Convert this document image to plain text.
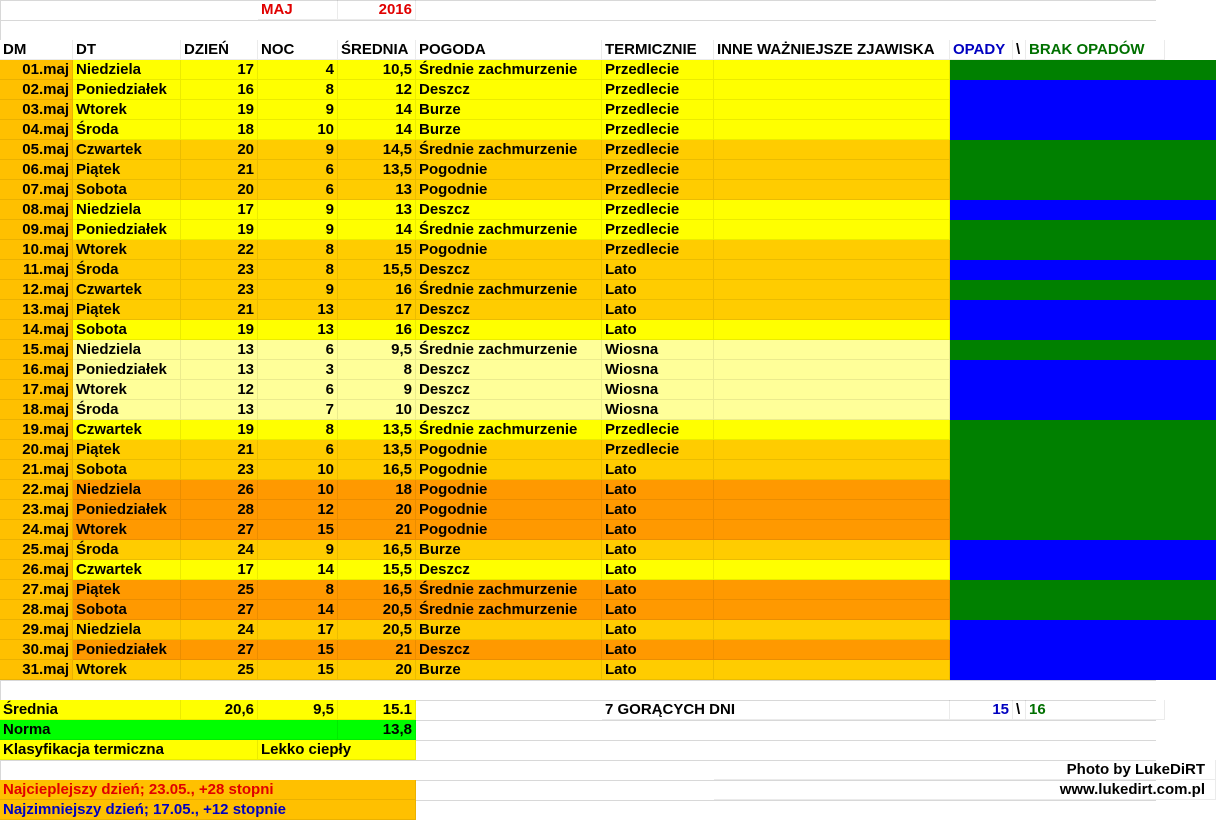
MAJ	2016
DM	DT	DZIEŃ	NOC	ŚREDNIA POGODA	TERMICZNIE	INNE WAŻNIEJSZE ZJAWISKA	OPADY \ BRAK OPADÓW
01.maj Niedziela	17	4	10,5 Średnie zachmurzenie	Przedlecie
02.maj Poniedziałek	16	8	12 Deszcz	Przedlecie
03.maj Wtorek	19	9	14 Burze	Przedlecie
04.maj Środa	18	10	14 Burze	Przedlecie
05.maj Czwartek	20	9	14,5 Średnie zachmurzenie	Przedlecie
06.maj Piątek	21	6	13,5 Pogodnie	Przedlecie
07.maj Sobota	20	6	13 Pogodnie	Przedlecie
08.maj Niedziela	17	9	13 Deszcz	Przedlecie
09.maj Poniedziałek	19	9	14 Średnie zachmurzenie	Przedlecie
10.maj Wtorek	22	8	15 Pogodnie	Przedlecie
11.maj Środa	23	8	15,5 Deszcz	Lato
12.maj Czwartek	23	9	16 Średnie zachmurzenie	Lato
13.maj Piątek	21	13	17 Deszcz	Lato
14.maj Sobota	19	13	16 Deszcz	Lato
15.maj Niedziela	13	6	9,5 Średnie zachmurzenie	Wiosna
16.maj Poniedziałek	13	3	8 Deszcz	Wiosna
17.maj Wtorek	12	6	9 Deszcz	Wiosna
18.maj Środa	13	7	10 Deszcz	Wiosna
19.maj Czwartek	19	8	13,5 Średnie zachmurzenie	Przedlecie
20.maj Piątek	21	6	13,5 Pogodnie	Przedlecie
21.maj Sobota	23	10	16,5 Pogodnie	Lato
22.maj Niedziela	26	10	18 Pogodnie	Lato
23.maj Poniedziałek	28	12	20 Pogodnie	Lato
24.maj Wtorek	27	15	21 Pogodnie	Lato
25.maj Środa	24	9	16,5 Burze	Lato
26.maj Czwartek	17	14	15,5 Deszcz	Lato
27.maj Piątek	25	8	16,5 Średnie zachmurzenie	Lato
28.maj Sobota	27	14	20,5 Średnie zachmurzenie	Lato
29.maj Niedziela	24	17	20,5 Burze	Lato
30.maj Poniedziałek	27	15	21 Deszcz	Lato
31.maj Wtorek	25	15	20 Burze	Lato
Średnia	20,6	9,5	15.1	7 GORĄCYCH DNI	15 \ 16
Norma	13,8
Klasyfikacja termiczna	Lekko ciepły
Photo by LukeDiRT
Najcieplejszy dzień; 23.05., +28 stopni	www.lukedirt.com.pl
Najzimniejszy dzień; 17.05., +12 stopnie
